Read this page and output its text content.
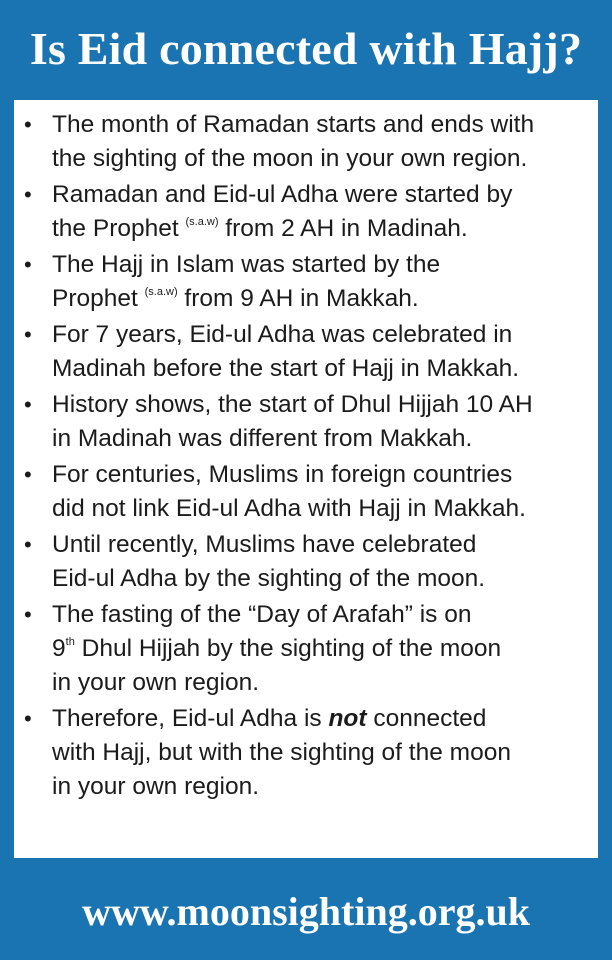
Is Eid connected with Hajj?
• The month of Ramadan starts and ends with
the sighting of the moon in your own region.
• Ramadan and Eid-ul Adha were started by
the Prophet $^{(s.a.w)}$ from 2 AH in Madinah.
• The Hajj in Islam was started by the
Prophet $^{(s.a.w)}$ from 9 AH in Makkah.
• For 7 years, Eid-ul Adha was celebrated in
Madinah before the start of Hajj in Makkah.
• History shows, the start of Dhul Hijjah 10 AH
in Madinah was different from Makkah.
• For centuries, Muslims in foreign countries
did not link Eid-ul Adha with Hajj in Makkah.
• Until recently, Muslims have celebrated
Eid-ul Adha by the sighting of the moon.
• The fasting of the “Day of Arafah” is on
9th Dhul Hijjah by the sighting of the moon
in your own region.
• Therefore, Eid-ul Adha is not connected
with Hajj, but with the sighting of the moon
in your own region.
www.moonsighting.org.uk
